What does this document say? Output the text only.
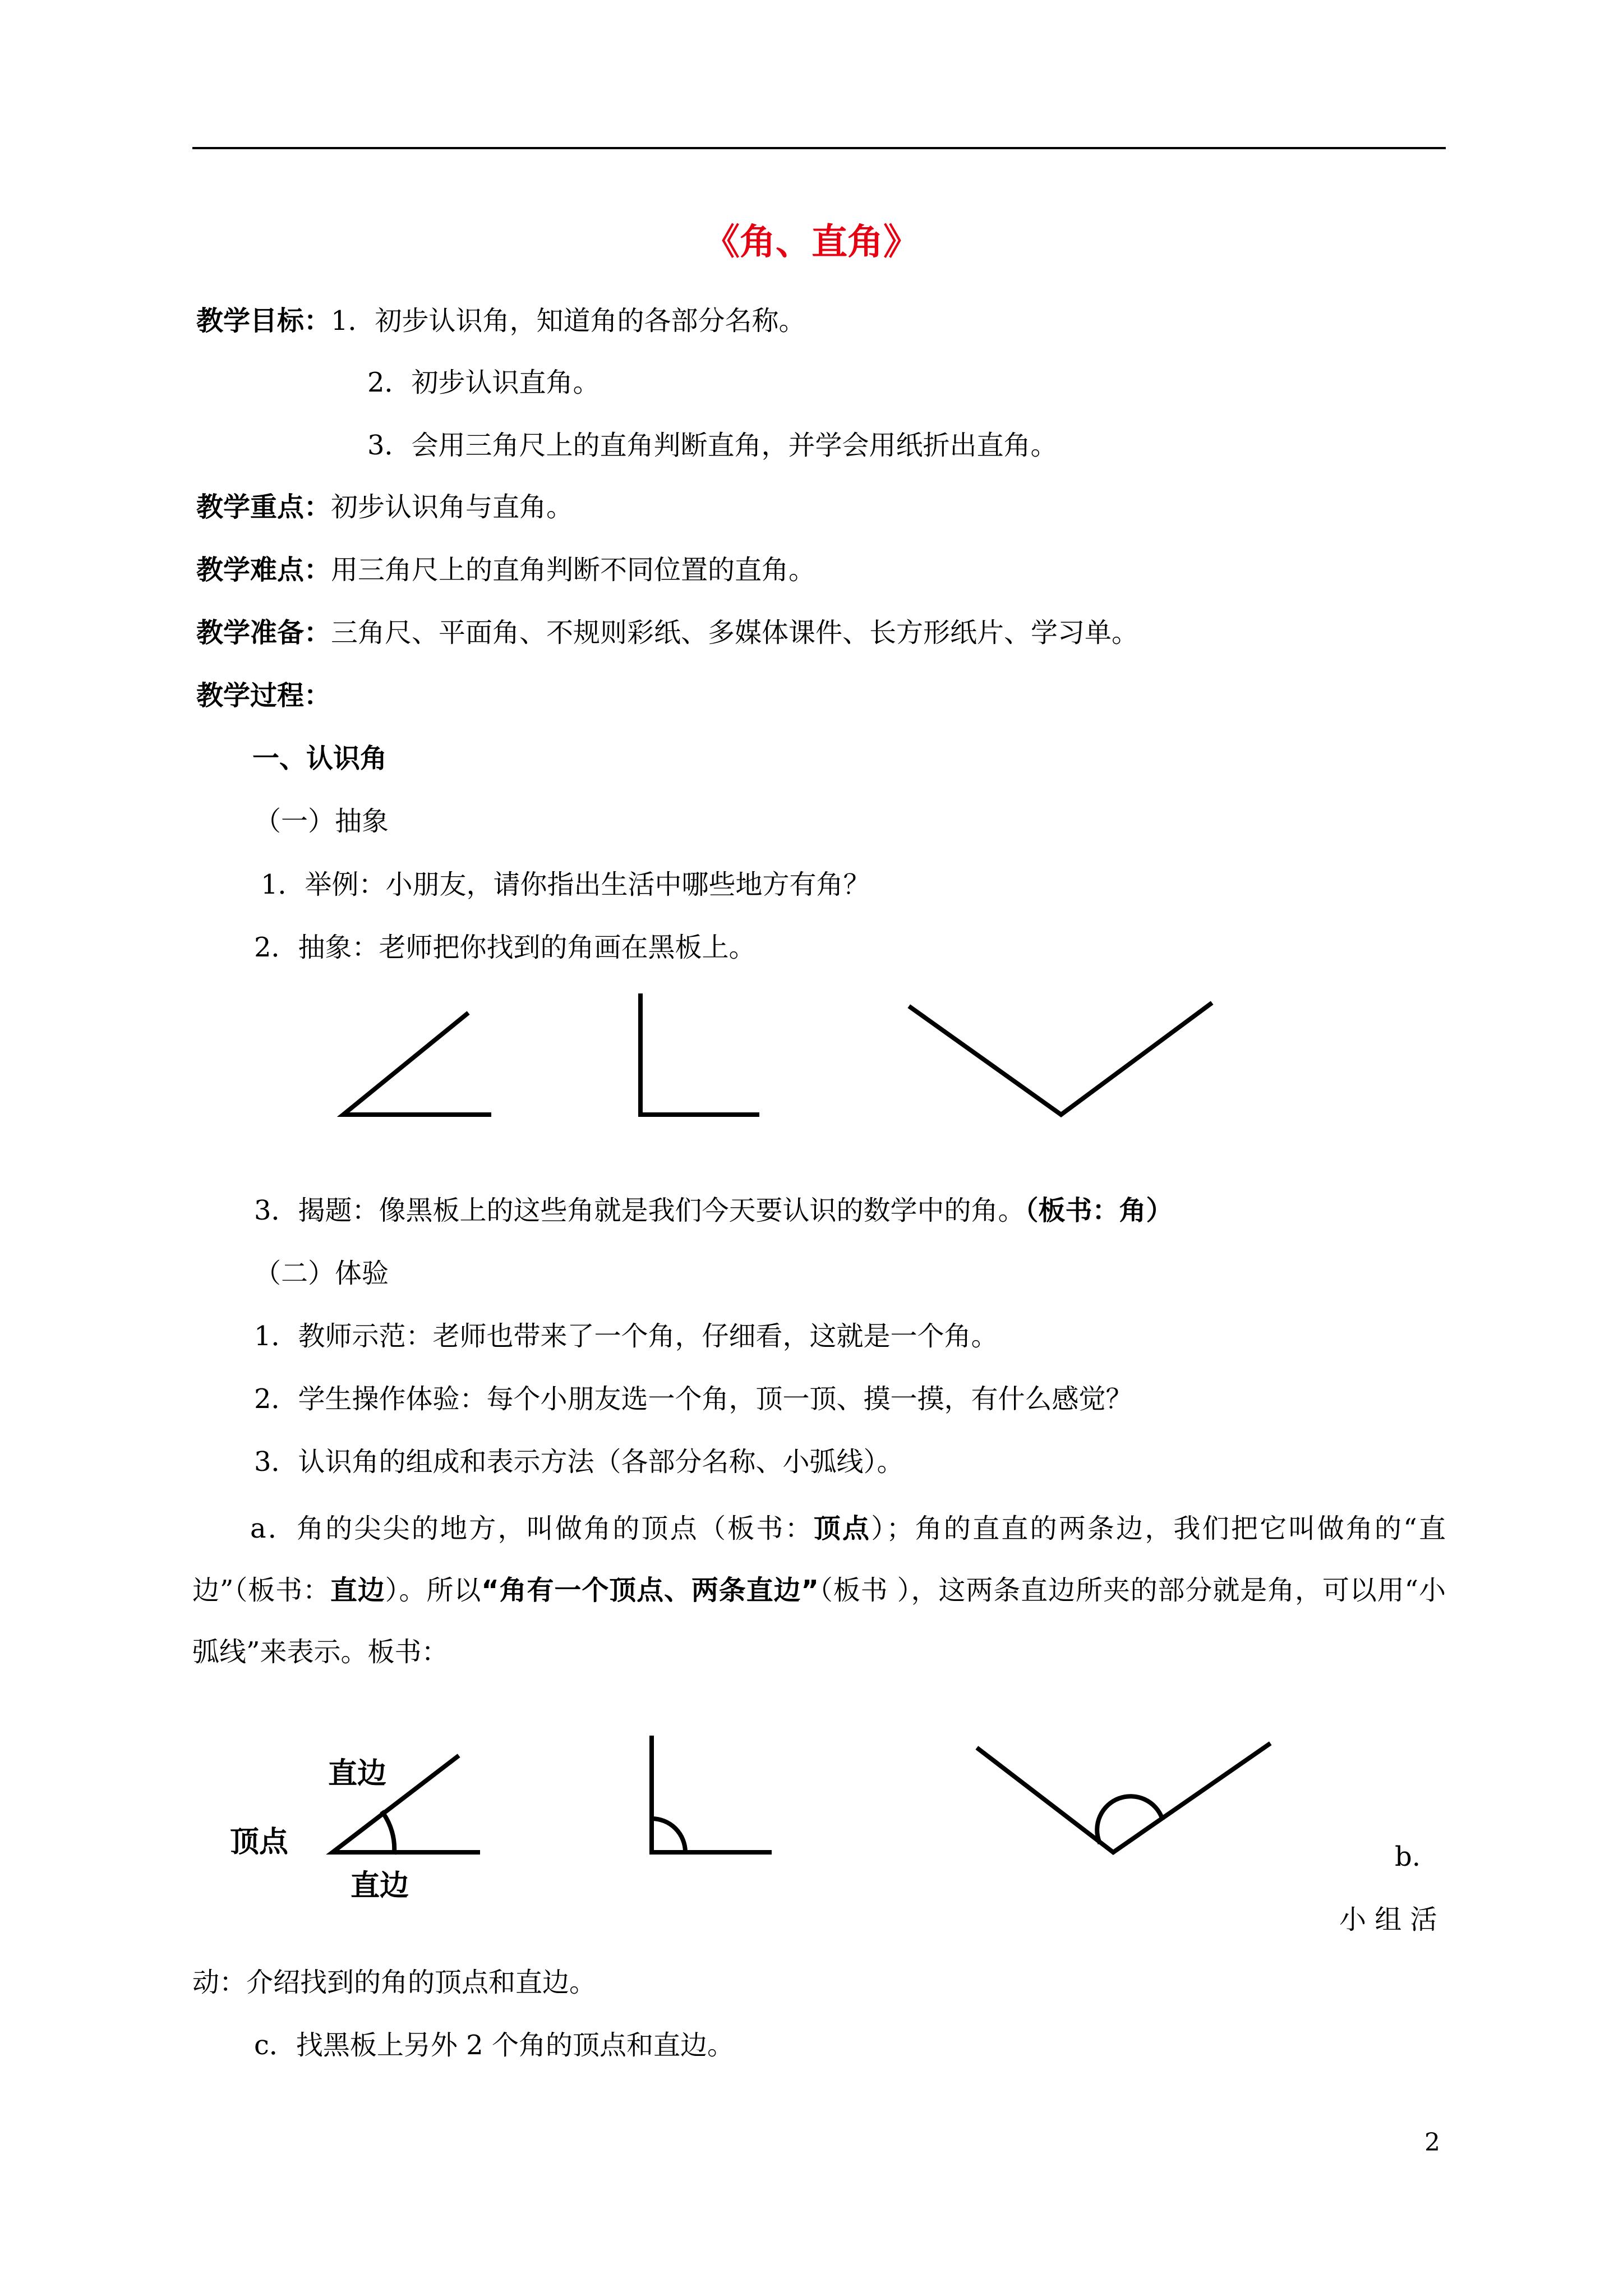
《角、直角》
教学目标：1．初步认识角，知道角的各部分名称。
2．初步认识直角。
3．会用三角尺上的直角判断直角，并学会用纸折出直角。
教学重点：初步认识角与直角。
教学难点：用三角尺上的直角判断不同位置的直角。
教学准备：三角尺、平面角、不规则彩纸、多媒体课件、长方形纸片、学习单。
教学过程：
一、认识角
（一）抽象
1．举例：小朋友，请你指出生活中哪些地方有角？
2．抽象：老师把你找到的角画在黑板上。
3．揭题：像黑板上的这些角就是我们今天要认识的数学中的角。（板书：角）
（二）体验
1．教师示范：老师也带来了一个角，仔细看，这就是一个角。
2．学生操作体验：每个小朋友选一个角，顶一顶、摸一摸，有什么感觉？
3．认识角的组成和表示方法（各部分名称、小弧线）。
a．角的尖尖的地方，叫做角的顶点（板书：顶点）；角的直直的两条边，我们把它叫做角的“直边”（板书：直边）。所以“角有一个顶点、两条直边”（板书 ），这两条直边所夹的部分就是角，可以用“小弧线”来表示。板书：
直边
顶点
直边
b.
小 组 活
动：介绍找到的角的顶点和直边。
c．找黑板上另外 2 个角的顶点和直边。
2
